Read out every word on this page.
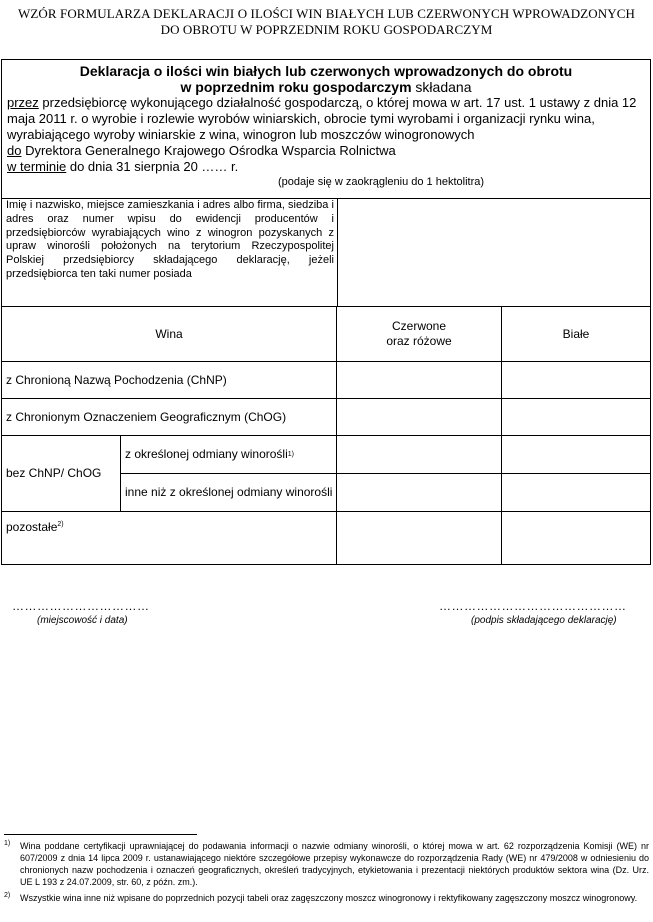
WZÓR FORMULARZA DEKLARACJI O ILOŚCI WIN BIAŁYCH LUB CZERWONYCH WPROWADZONYCH
DO OBROTU W POPRZEDNIM ROKU GOSPODARCZYM
Deklaracja o ilości win białych lub czerwonych wprowadzonych do obrotu
w poprzednim roku gospodarczym składana
przez przedsiębiorcę wykonującego działalność gospodarczą, o której mowa w art. 17 ust. 1 ustawy z dnia 12 maja 2011 r. o wyrobie i rozlewie wyrobów winiarskich, obrocie tymi wyrobami i organizacji rynku wina, wyrabiającego wyroby winiarskie z wina, winogron lub moszczów winogronowych
do Dyrektora Generalnego Krajowego Ośrodka Wsparcia Rolnictwa
w terminie do dnia 31 sierpnia 20 …… r.
(podaje się w zaokrągleniu do 1 hektolitra)
Imię i nazwisko, miejsce zamieszkania i adres albo firma, siedziba i adres oraz numer wpisu do ewidencji producentów i przedsiębiorców wyrabiających wino z winogron pozyskanych z upraw winorośli położonych na terytorium Rzeczypospolitej Polskiej przedsiębiorcy składającego deklarację, jeżeli przedsiębiorca ten taki numer posiada
Wina
Czerwone
oraz różowe
Białe
z Chronioną Nazwą Pochodzenia (ChNP)
z Chronionym Oznaczeniem Geograficznym (ChOG)
bez ChNP/ ChOG
z określonej odmiany winorośli 1)
inne niż z określonej odmiany winorośli
pozostałe$^{2)}$
……………………………
(miejscowość i data)
………………………………………
(podpis składającego deklarację)
1)	Wina poddane certyfikacji uprawniającej do podawania informacji o nazwie odmiany winorośli, o której mowa w art. 62 rozporządzenia Komisji (WE) nr 607/2009 z dnia 14 lipca 2009 r. ustanawiającego niektóre szczegółowe przepisy wykonawcze do rozporządzenia Rady (WE) nr 479/2008 w odniesieniu do chronionych nazw pochodzenia i oznaczeń geograficznych, określeń tradycyjnych, etykietowania i prezentacji niektórych produktów sektora wina (Dz. Urz. UE L 193 z 24.07.2009, str. 60, z późn. zm.).
2)	Wszystkie wina inne niż wpisane do poprzednich pozycji tabeli oraz zagęszczony moszcz winogronowy i rektyfikowany zagęszczony moszcz winogronowy.
